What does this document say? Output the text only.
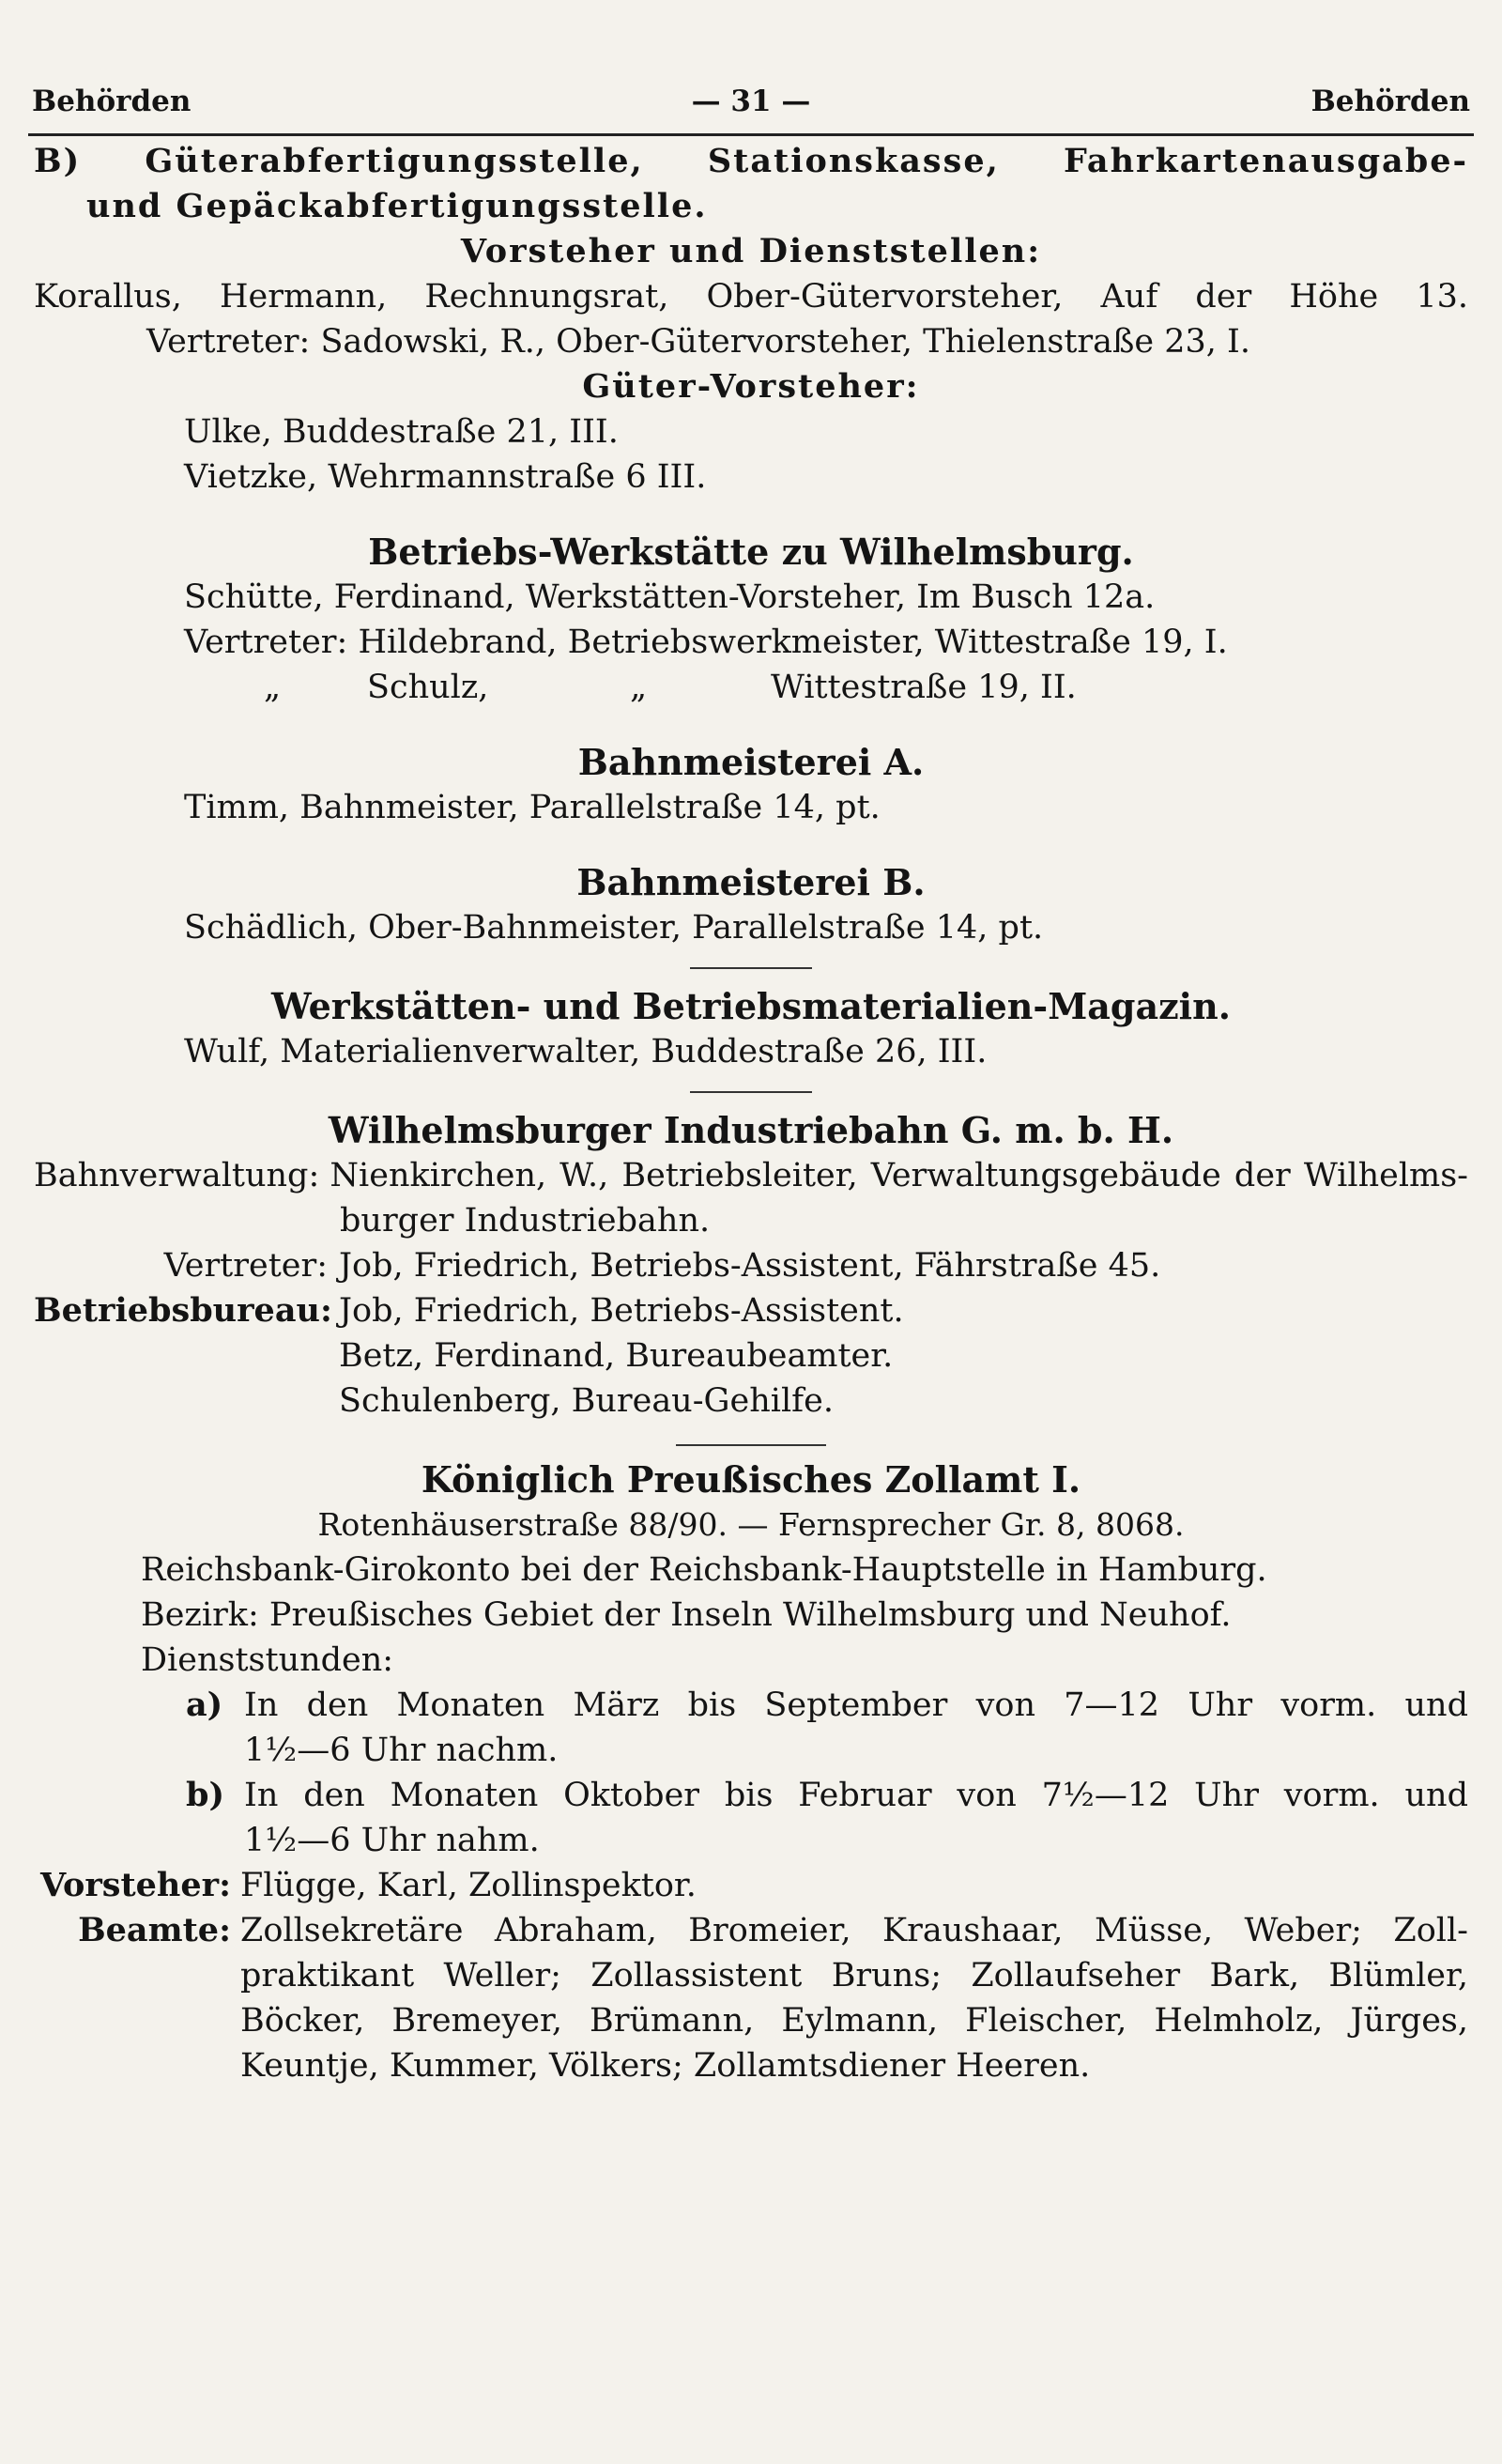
Behörden	— 31 —	Behörden
B) Güterabfertigungsstelle, Stationskasse, Fahrkartenausgabe-
und Gepäckabfertigungsstelle.
Vorsteher und Dienststellen:
Korallus, Hermann, Rechnungsrat, Ober-Gütervorsteher, Auf der Höhe 13.
Vertreter: Sadowski, R., Ober-Gütervorsteher, Thielenstraße 23, I.
Güter-Vorsteher:
Ulke, Buddestraße 21, III.
Vietzke, Wehrmannstraße 6 III.
Betriebs-Werkstätte zu Wilhelmsburg.
Schütte, Ferdinand, Werkstätten-Vorsteher, Im Busch 12a.
Vertreter: Hildebrand, Betriebswerkmeister, Wittestraße 19, I.
„	Schulz,	„	Wittestraße 19, II.
Bahnmeisterei A.
Timm, Bahnmeister, Parallelstraße 14, pt.
Bahnmeisterei B.
Schädlich, Ober-Bahnmeister, Parallelstraße 14, pt.
Werkstätten- und Betriebsmaterialien-Magazin.
Wulf, Materialienverwalter, Buddestraße 26, III.
Wilhelmsburger Industriebahn G. m. b. H.
Bahnverwaltung:
Nienkirchen, W., Betriebsleiter, Verwaltungsgebäude der Wilhelms-
burger Industriebahn.
Vertreter: Job, Friedrich, Betriebs-Assistent, Fährstraße 45.
Betriebsbureau: Job, Friedrich, Betriebs-Assistent.
Betz, Ferdinand, Bureaubeamter.
Schulenberg, Bureau-Gehilfe.
Königlich Preußisches Zollamt I.
Rotenhäuserstraße 88/90. — Fernsprecher Gr. 8, 8068.
Reichsbank-Girokonto bei der Reichsbank-Hauptstelle in Hamburg.
Bezirk: Preußisches Gebiet der Inseln Wilhelmsburg und Neuhof.
Dienststunden:
a) In den Monaten März bis September von 7—12 Uhr vorm. und
1½—6 Uhr nachm.
b) In den Monaten Oktober bis Februar von 7½—12 Uhr vorm. und
1½—6 Uhr nahm.
Vorsteher: Flügge, Karl, Zollinspektor.
Beamte: Zollsekretäre Abraham, Bromeier, Kraushaar, Müsse, Weber; Zoll-
praktikant Weller; Zollassistent Bruns; Zollaufseher Bark, Blümler,
Böcker, Bremeyer, Brümann, Eylmann, Fleischer, Helmholz, Jürges,
Keuntje, Kummer, Völkers; Zollamtsdiener Heeren.
